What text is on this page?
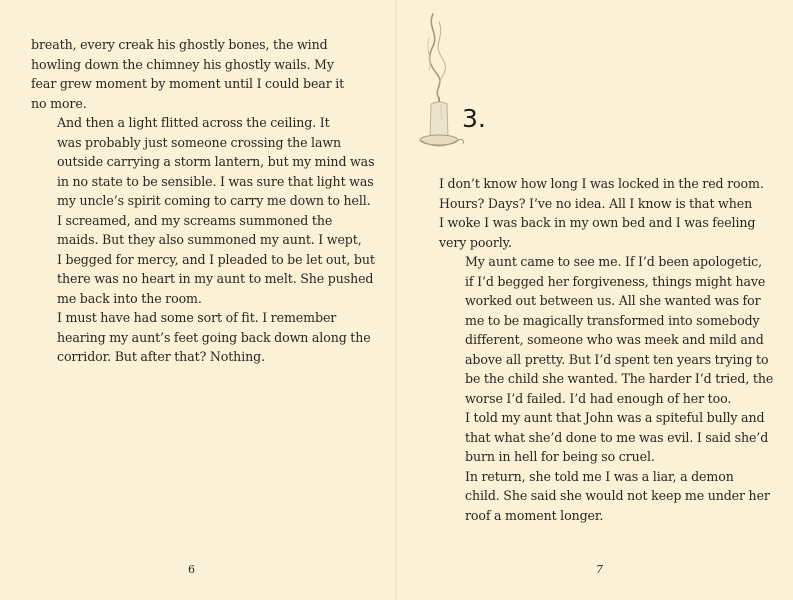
breath, every creak his ghostly bones, the wind
howling down the chimney his ghostly wails. My
fear grew moment by moment until I could bear it
no more.

And then a light flitted across the ceiling. It
was probably just someone crossing the lawn
outside carrying a storm lantern, but my mind was
in no state to be sensible. I was sure that light was
my uncle’s spirit coming to carry me down to hell.

I screamed, and my screams summoned the
maids. But they also summoned my aunt. I wept,
I begged for mercy, and I pleaded to be let out, but
there was no heart in my aunt to melt. She pushed
me back into the room.

I must have had some sort of fit. I remember
hearing my aunt’s feet going back down along the
corridor. But after that? Nothing.

6
3.

I don’t know how long I was locked in the red room.
Hours? Days? I’ve no idea. All I know is that when
I woke I was back in my own bed and I was feeling
very poorly.

My aunt came to see me. If I’d been apologetic,
if I’d begged her forgiveness, things might have
worked out between us. All she wanted was for
me to be magically transformed into somebody
different, someone who was meek and mild and
above all pretty. But I’d spent ten years trying to
be the child she wanted. The harder I’d tried, the
worse I’d failed. I’d had enough of her too.

I told my aunt that John was a spiteful bully and
that what she’d done to me was evil. I said she’d
burn in hell for being so cruel.

In return, she told me I was a liar, a demon
child. She said she would not keep me under her
roof a moment longer.

7
